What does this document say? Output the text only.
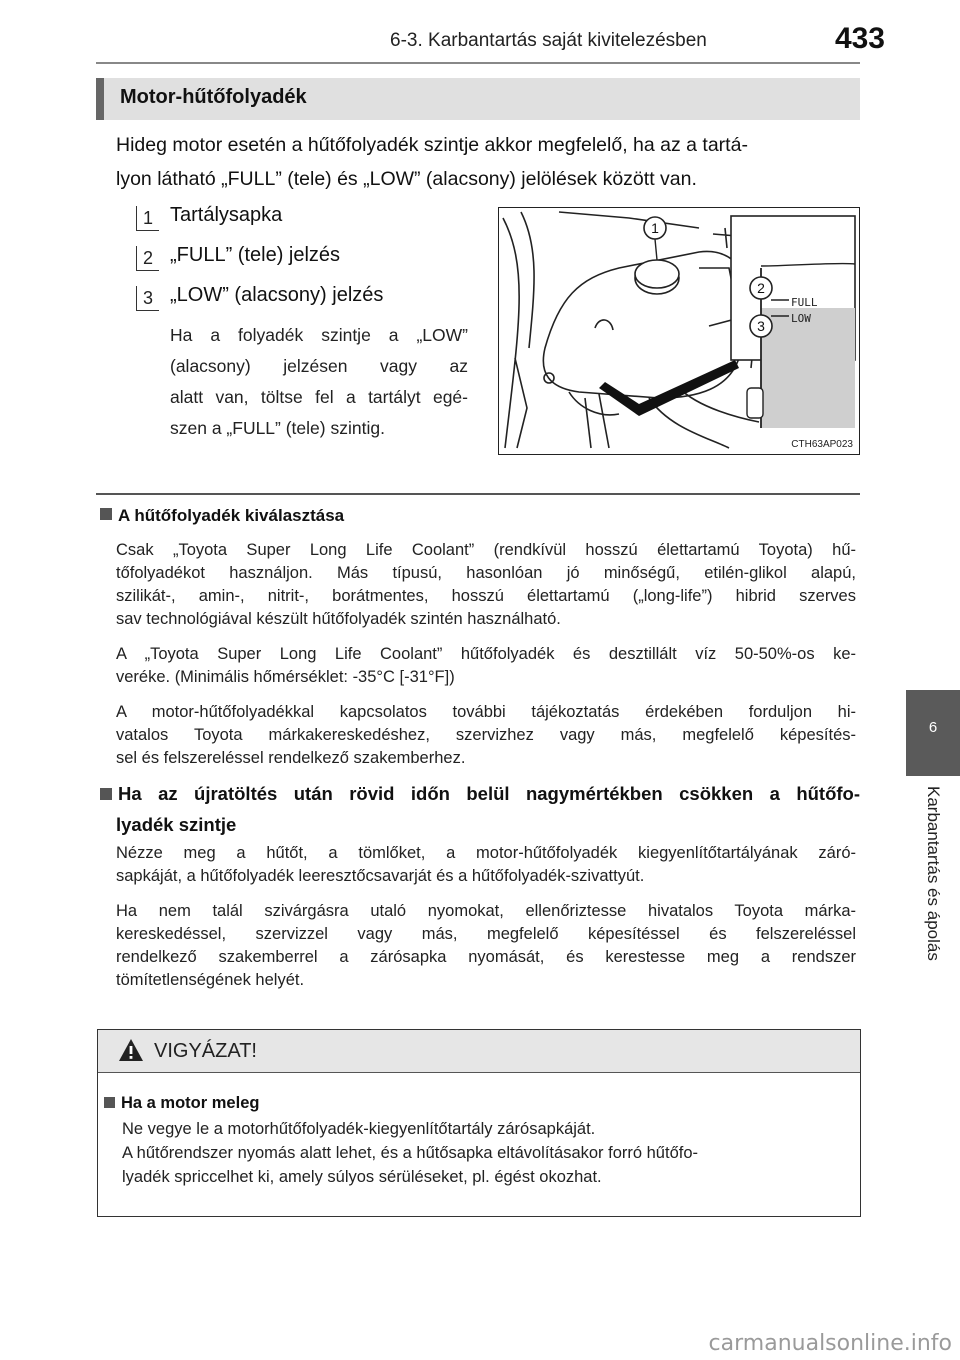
6-3. Karbantartás saját kivitelezésben	433
6
Karbantartás és ápolás
Motor-hűtőfolyadék
Hideg motor esetén a hűtőfolyadék szintje akkor megfelelő, ha az a tartá-
lyon látható „FULL” (tele) és „LOW” (alacsony) jelölések között van.
1 Tartálysapka
2 „FULL” (tele) jelzés
3 „LOW” (alacsony) jelzés
Ha a folyadék szintje a „LOW”
(alacsony) jelzésen vagy az
alatt van, töltse fel a tartályt egé-
szen a „FULL” (tele) szintig.
FULL
LOW
1
2
3
CTH63AP023
A hűtőfolyadék kiválasztása
Csak „Toyota Super Long Life Coolant” (rendkívül hosszú élettartamú Toyota) hű-
tőfolyadékot használjon. Más típusú, hasonlóan jó minőségű, etilén-glikol alapú,
szilikát-, amin-, nitrit-, borátmentes, hosszú élettartamú („long-life”) hibrid szerves
sav technológiával készült hűtőfolyadék szintén használható.
A „Toyota Super Long Life Coolant” hűtőfolyadék és desztillált víz 50-50%-os ke-
veréke. (Minimális hőmérséklet: -35°C [-31°F])
A motor-hűtőfolyadékkal kapcsolatos további tájékoztatás érdekében forduljon hi-
vatalos Toyota márkakereskedéshez, szervizhez vagy más, megfelelő képesítés-
sel és felszereléssel rendelkező szakemberhez.
Ha az újratöltés után rövid időn belül nagymértékben csökken a hűtőfo-
lyadék szintje
Nézze meg a hűtőt, a tömlőket, a motor-hűtőfolyadék kiegyenlítőtartályának záró-
sapkáját, a hűtőfolyadék leeresztőcsavarját és a hűtőfolyadék-szivattyút.
Ha nem talál szivárgásra utaló nyomokat, ellenőriztesse hivatalos Toyota márka-
kereskedéssel, szervizzel vagy más, megfelelő képesítéssel és felszereléssel
rendelkező szakemberrel a zárósapka nyomását, és kerestesse meg a rendszer
tömítetlenségének helyét.
VIGYÁZAT!
Ha a motor meleg
Ne vegye le a motorhűtőfolyadék-kiegyenlítőtartály zárósapkáját.
A hűtőrendszer nyomás alatt lehet, és a hűtősapka eltávolításakor forró hűtőfo-
lyadék spriccelhet ki, amely súlyos sérüléseket, pl. égést okozhat.
carmanualsonline.info
